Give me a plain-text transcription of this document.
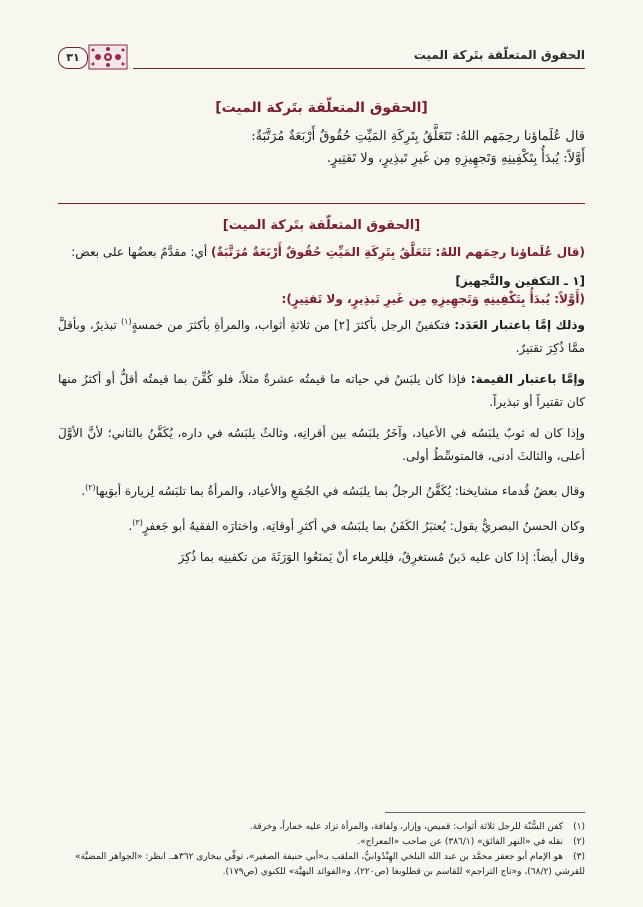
الحقوق المتعلّقة بتَركة الميت
٣١
[الحقوق المتعلّقة بتَركة الميت]

قال عُلَماؤنا رحِمَهم اللهُ: تَتَعَلَّقُ بِتَرِكَةِ المَيِّتِ حُقُوقٌ أَرْبَعَةٌ مُرَتَّبَةٌ:

أَوَّلاً: يُبدَأُ بِتَكْفِينِهِ وَتَجهِيزِهِ مِن غَيرِ تَبذِيرٍ، ولا تَقتِيرٍ.

[الحقوق المتعلّقة بتَركة الميت]

(قال عُلَماؤنا رحِمَهم اللهُ: تَتَعَلَّقُ بِتَرِكَةِ المَيِّتِ حُقُوقٌ أَرْبَعَةٌ مُرَتَّبَةٌ) أي: مقدَّمٌ بعضُها على بعض:

[١ ـ التكفين والتَّجهيز]
(أَوَّلاً: يُبدَأُ بِتَكْفِينِهِ وَتَجهِيزِهِ مِن غَيرِ تَبذِيرٍ، ولا تَقتِيرٍ):

وذلك إمَّا باعتبار العَدَد: فتكفينُ الرجل بأكثرَ [٢] من ثلاثةِ أثواب، والمرأةِ بأكثرَ من خمسةٍ$^{(١)}$ تبذيرٌ، وبأقلَّ ممَّا ذُكِرَ تقتيرٌ.

وإمَّا باعتبار القيمة: فإذا كان يلبَسُ في حياته ما قيمتُه عشرةٌ مثلاً، فلو كُفِّنَ بما قيمتُه أقلُّ أو أكثرُ منها كان تقتيراً أو تبذيراً.

وإذا كان له ثوبٌ يلبَسُه في الأعياد، وآخَرُ يلبَسُه بين أقرانِه، وثالثٌ يلبَسُه في داره، يُكَفَّنُ بالثاني؛ لأنَّ الأوَّلَ أعلى، والثالثَ أدنى، فالمتوسِّطُ أولى.

وقال بعضُ قُدماء مشايخنا: يُكَفَّنُ الرجلُ بما يلبَسُه في الجُمَعِ والأعياد، والمرأةُ بما تلبَسُه لِزيارة أبوَيها$^{(٢)}$.

وكان الحسنُ البصريُّ يقول: يُعتبَرُ الكَفَنُ بما يلبَسُه في أكثرِ أوقاتِه. واختارَه الفقيهُ أبو جَعفرٍ$^{(٣)}$.

وقال أيضاً: إذا كان عليه دَينٌ مُستغرِقٌ، فلِلغرماء أنْ يَمنَعُوا الوَرَثَةَ من تكفينِه بما ذُكِرَ

(١)كفن السُّنّة للرجل ثلاثة أثواب: قميص، وإزار، ولفافة، والمرأة تزاد عليه خماراً، وخرقة.

(٢)نقله في «النهر الفائق» (٣٨٦/١) عن صاحب «المعراج».

(٣)هو الإمام أبو جعفر محمَّد بن عبد الله البلخي الهِنْدُوانيُّ، الملقب بـ«أبي حنيفة الصغير»، توفِّي ببخارى ٣٦٢هـ. انظر: «الجواهر المضيَّة» للقرشي (٦٨/٢)، و«تاج التراجم» للقاسم بن قطلوبغا (ص٢٢٠)، و«الفوائد البهيَّة» للكنوي (ص١٧٩).
